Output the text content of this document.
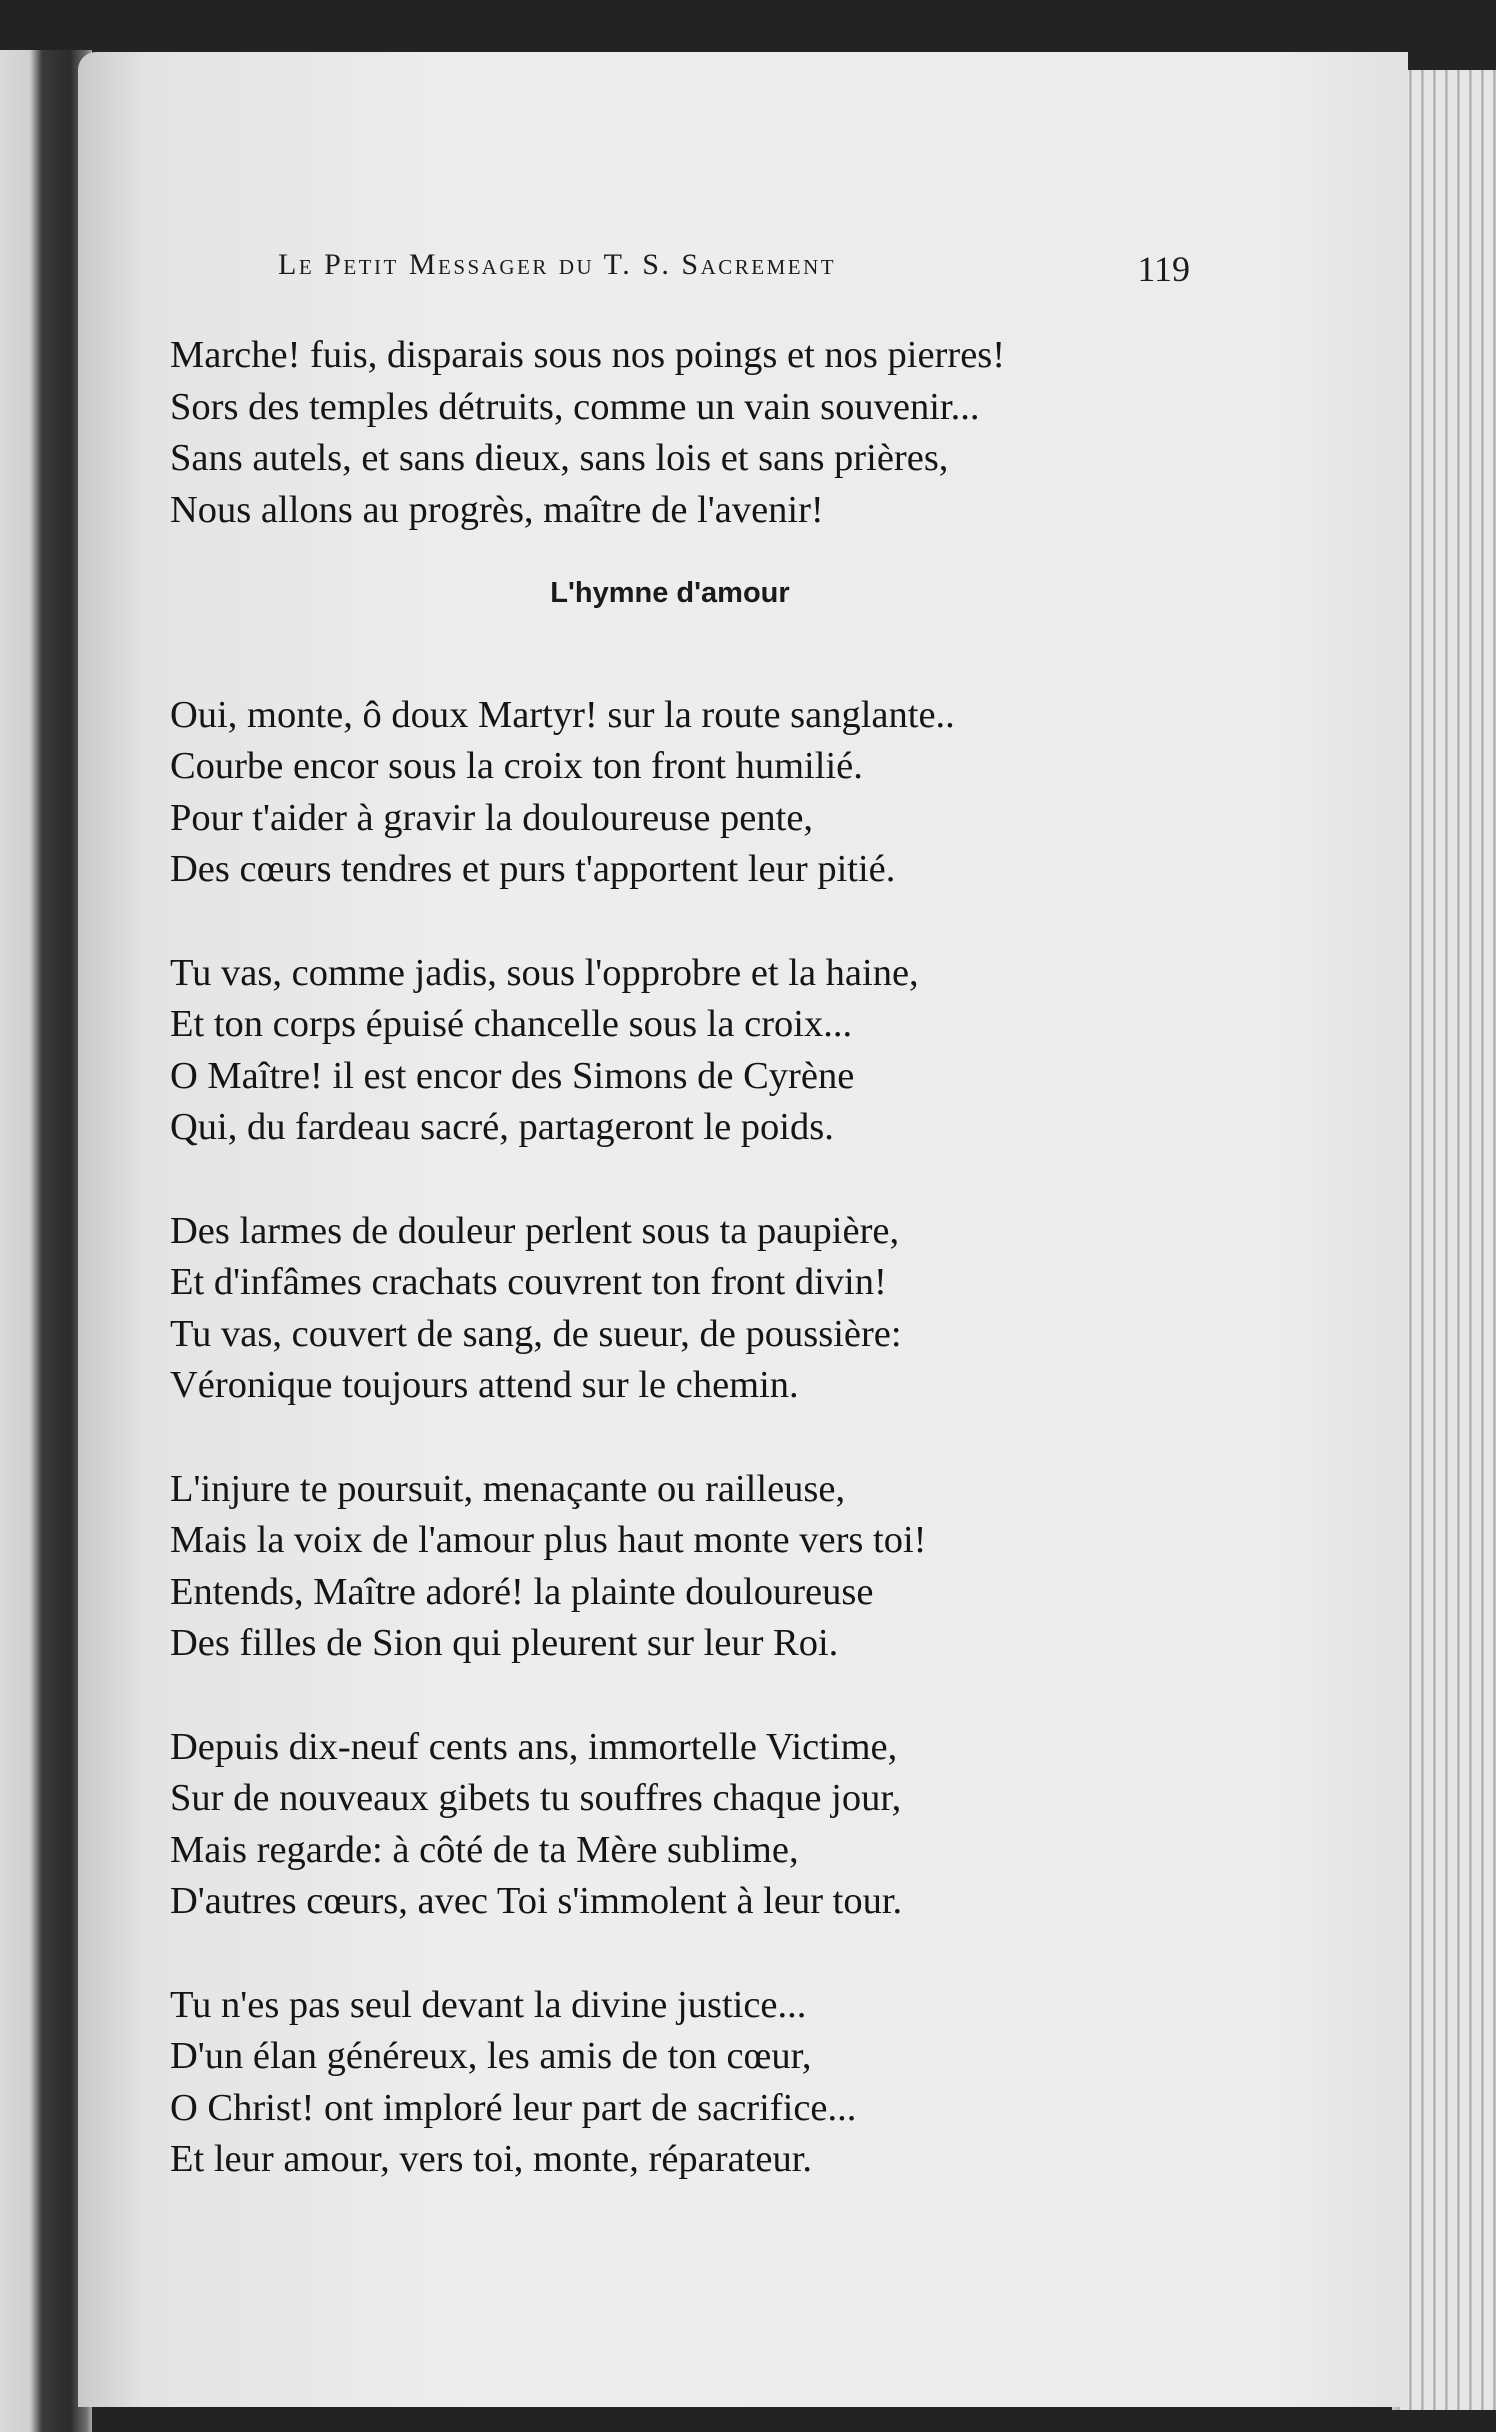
Le Petit Messager du T. S. Sacrement	119
Marche! fuis, disparais sous nos poings et nos pierres!
Sors des temples détruits, comme un vain souvenir...
Sans autels, et sans dieux, sans lois et sans prières,
Nous allons au progrès, maître de l'avenir!
L'hymne d'amour
Oui, monte, ô doux Martyr! sur la route sanglante..
Courbe encor sous la croix ton front humilié.
Pour t'aider à gravir la douloureuse pente,
Des cœurs tendres et purs t'apportent leur pitié.
Tu vas, comme jadis, sous l'opprobre et la haine,
Et ton corps épuisé chancelle sous la croix...
O Maître! il est encor des Simons de Cyrène
Qui, du fardeau sacré, partageront le poids.
Des larmes de douleur perlent sous ta paupière,
Et d'infâmes crachats couvrent ton front divin!
Tu vas, couvert de sang, de sueur, de poussière:
Véronique toujours attend sur le chemin.
L'injure te poursuit, menaçante ou railleuse,
Mais la voix de l'amour plus haut monte vers toi!
Entends, Maître adoré! la plainte douloureuse
Des filles de Sion qui pleurent sur leur Roi.
Depuis dix-neuf cents ans, immortelle Victime,
Sur de nouveaux gibets tu souffres chaque jour,
Mais regarde: à côté de ta Mère sublime,
D'autres cœurs, avec Toi s'immolent à leur tour.
Tu n'es pas seul devant la divine justice...
D'un élan généreux, les amis de ton cœur,
O Christ! ont imploré leur part de sacrifice...
Et leur amour, vers toi, monte, réparateur.
